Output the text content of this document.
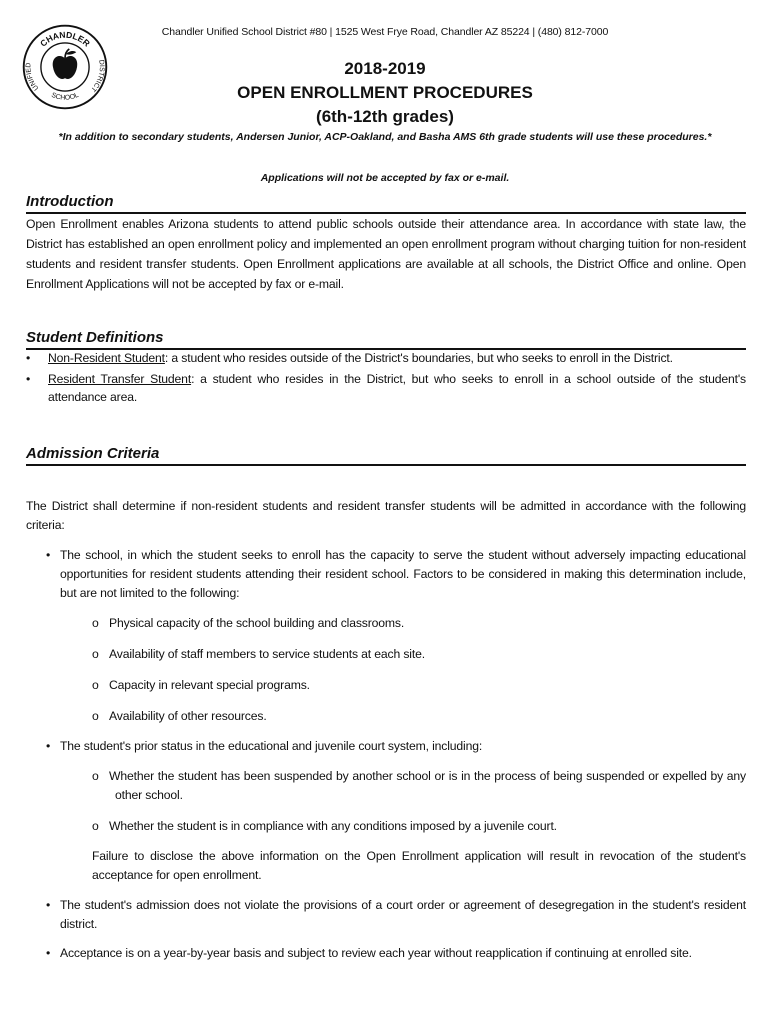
CHANDLER
UNIFIED
SCHOOL
DISTRICT
Chandler Unified School District #80 | 1525 West Frye Road, Chandler AZ 85224 | (480) 812-7000
2018-2019
OPEN ENROLLMENT PROCEDURES
(6th-12th grades)
*In addition to secondary students, Andersen Junior, ACP-Oakland, and Basha AMS 6th grade students will use these procedures.*
Applications will not be accepted by fax or e-mail.
Introduction
Open Enrollment enables Arizona students to attend public schools outside their attendance area. In accordance with state law, the District has established an open enrollment policy and implemented an open enrollment program without charging tuition for non-resident students and resident transfer students. Open Enrollment applications are available at all schools, the District Office and online. Open Enrollment Applications will not be accepted by fax or e-mail.
Student Definitions
•	Non-Resident Student: a student who resides outside of the District's boundaries, but who seeks to enroll in the District.
•	Resident Transfer Student: a student who resides in the District, but who seeks to enroll in a school outside of the student's attendance area.
Admission Criteria
The District shall determine if non-resident students and resident transfer students will be admitted in accordance with the following criteria:
• The school, in which the student seeks to enroll has the capacity to serve the student without adversely impacting educational opportunities for resident students attending their resident school. Factors to be considered in making this determination include, but are not limited to the following:
o Physical capacity of the school building and classrooms.
o Availability of staff members to service students at each site.
o Capacity in relevant special programs.
o Availability of other resources.
• The student's prior status in the educational and juvenile court system, including:
o Whether the student has been suspended by another school or is in the process of being suspended or expelled by any other school.
o Whether the student is in compliance with any conditions imposed by a juvenile court.
Failure to disclose the above information on the Open Enrollment application will result in revocation of the student's acceptance for open enrollment.
• The student's admission does not violate the provisions of a court order or agreement of desegregation in the student's resident district.
• Acceptance is on a year-by-year basis and subject to review each year without reapplication if continuing at enrolled site.
